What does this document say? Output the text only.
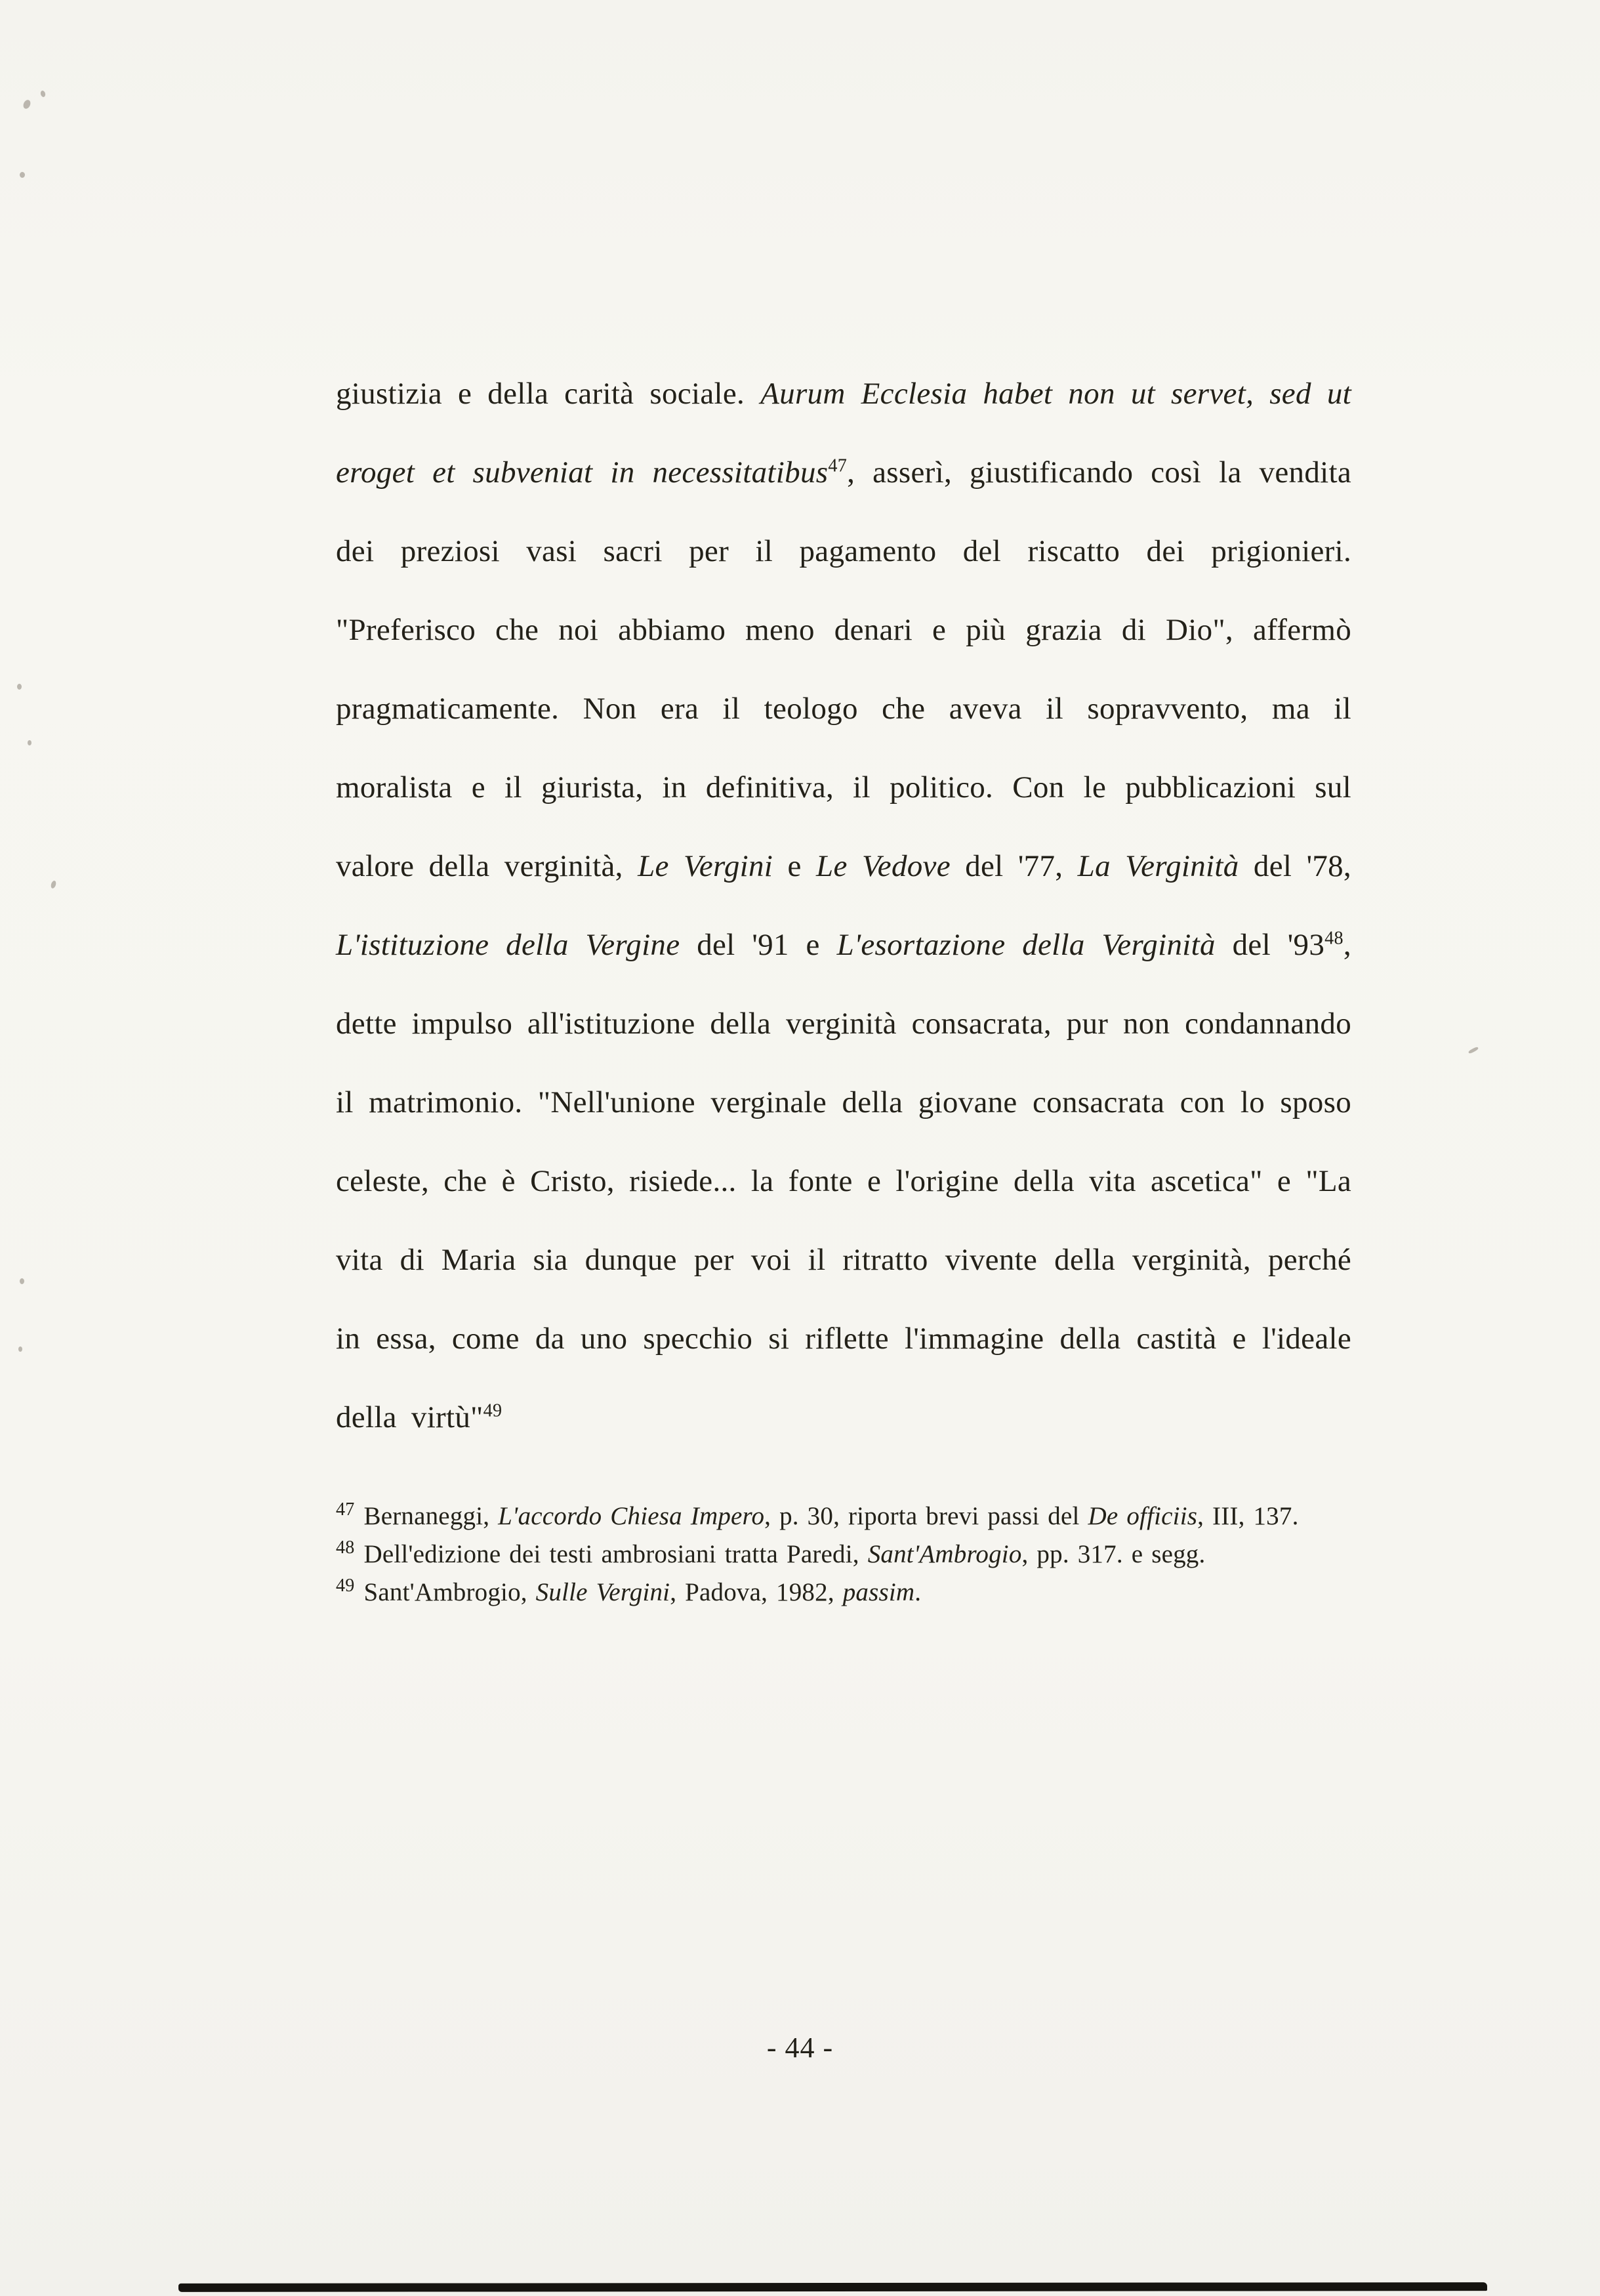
giustizia e della carità sociale. Aurum Ecclesia habet non ut servet, sed ut eroget et subveniat in necessitatibus$^{47}$, asserì, giustificando così la vendita dei preziosi vasi sacri per il pagamento del riscatto dei prigionieri. "Preferisco che noi abbiamo meno denari e più grazia di Dio", affermò pragmaticamente. Non era il teologo che aveva il sopravvento, ma il moralista e il giurista, in definitiva, il politico. Con le pubblicazioni sul valore della verginità, Le Vergini e Le Vedove del '77, La Verginità del '78, L'istituzione della Vergine del '91 e L'esortazione della Verginità del '$93^{48}$, dette impulso all'istituzione della verginità consacrata, pur non condannando il matrimonio. "Nell'unione verginale della giovane consacrata con lo sposo celeste, che è Cristo, risiede... la fonte e l'origine della vita ascetica" e "La vita di Maria sia dunque per voi il ritratto vivente della verginità, perché in essa, come da uno specchio si riflette l'immagine della castità e l'ideale della virtù"$^{49}$

$^{47}$ Bernaneggi, L'accordo Chiesa Impero, p. 30, riporta brevi passi del De officiis, III, 137.

$^{48}$ Dell'edizione dei testi ambrosiani tratta Paredi, Sant'Ambrogio, pp. 317. e segg.

$^{49}$ Sant'Ambrogio, Sulle Vergini, Padova, 1982, passim.

- 44 -
